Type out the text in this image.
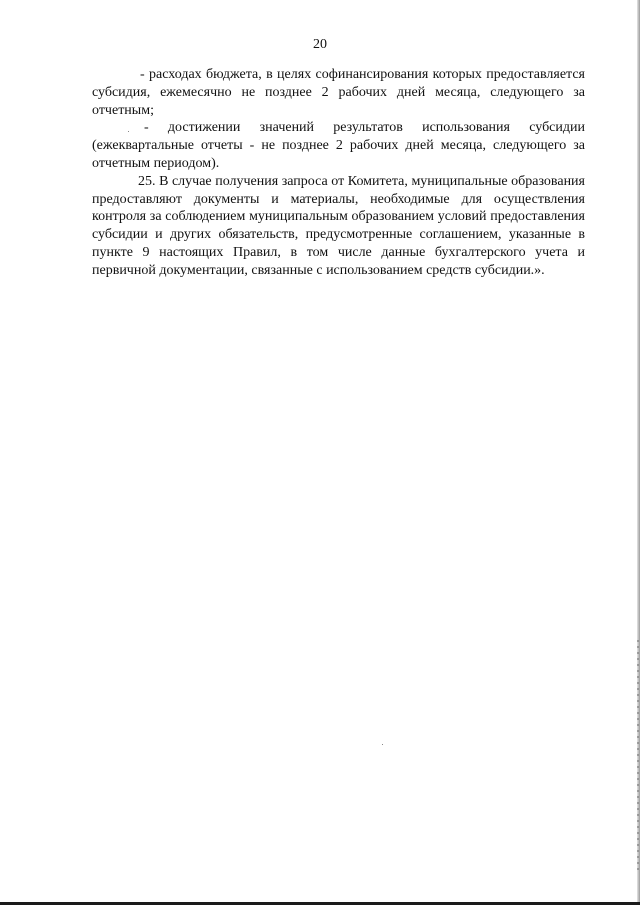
20

- расходах бюджета, в целях софинансирования которых предоставляется субсидия, ежемесячно не позднее 2 рабочих дней месяца, следующего за отчетным;

- достижении значений результатов использования субсидии (ежеквартальные отчеты - не позднее 2 рабочих дней месяца, следующего за отчетным периодом).

25. В случае получения запроса от Комитета, муниципальные образования предоставляют документы и материалы, необходимые для осуществления контроля за соблюдением муниципальным образованием условий предоставления субсидии и других обязательств, предусмотренные соглашением, указанные в пункте 9 настоящих Правил, в том числе данные бухгалтерского учета и первичной документации, связанные с использованием средств субсидии.».
